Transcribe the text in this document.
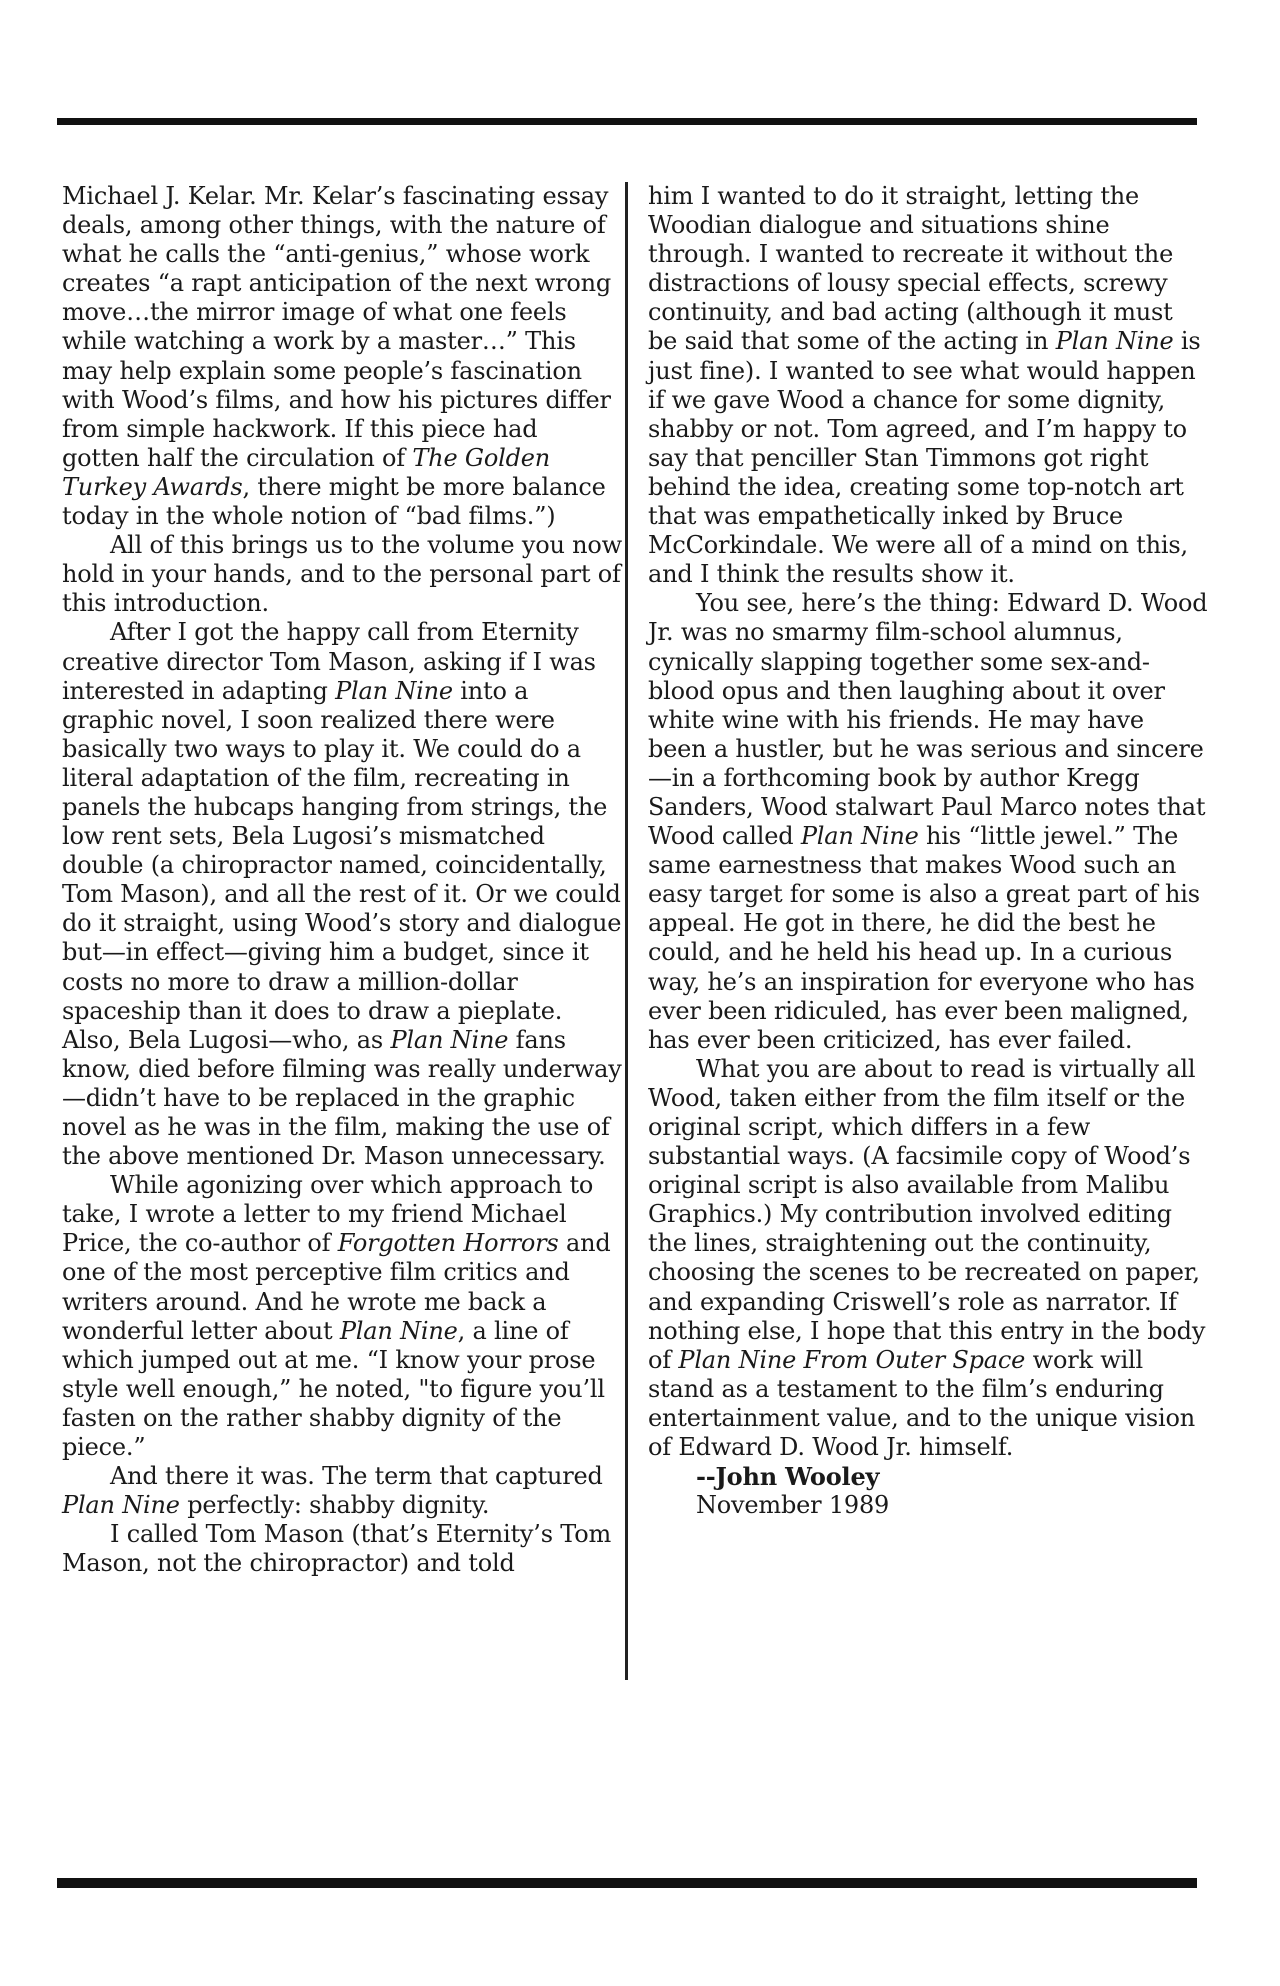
Michael J. Kelar. Mr. Kelar’s fascinating essay deals, among other things, with the nature of what he calls the “anti-genius,” whose work creates “a rapt anticipation of the next wrong move…the mirror image of what one feels while watching a work by a master…” This may help explain some people’s fascination with Wood’s films, and how his pictures differ from simple hackwork. If this piece had gotten half the circulation of The Golden Turkey Awards, there might be more balance today in the whole notion of “bad films.”)

All of this brings us to the volume you now hold in your hands, and to the personal part of this introduction.

After I got the happy call from Eternity creative director Tom Mason, asking if I was interested in adapting Plan Nine into a graphic novel, I soon realized there were basically two ways to play it. We could do a literal adaptation of the film, recreating in panels the hubcaps hanging from strings, the low rent sets, Bela Lugosi’s mismatched double (a chiropractor named, coincidentally, Tom Mason), and all the rest of it. Or we could do it straight, using Wood’s story and dialogue but—in effect—giving him a budget, since it costs no more to draw a million-dollar spaceship than it does to draw a pieplate. Also, Bela Lugosi—who, as Plan Nine fans know, died before filming was really underway—didn’t have to be replaced in the graphic novel as he was in the film, making the use of the above mentioned Dr. Mason unnecessary.

While agonizing over which approach to take, I wrote a letter to my friend Michael Price, the co-author of Forgotten Horrors and one of the most perceptive film critics and writers around. And he wrote me back a wonderful letter about Plan Nine, a line of which jumped out at me. “I know your prose style well enough,” he noted, "to figure you’ll fasten on the rather shabby dignity of the piece.”

And there it was. The term that captured Plan Nine perfectly: shabby dignity.

I called Tom Mason (that’s Eternity’s Tom Mason, not the chiropractor) and told

him I wanted to do it straight, letting the Woodian dialogue and situations shine through. I wanted to recreate it without the distractions of lousy special effects, screwy continuity, and bad acting (although it must be said that some of the acting in Plan Nine is just fine). I wanted to see what would happen if we gave Wood a chance for some dignity, shabby or not. Tom agreed, and I’m happy to say that penciller Stan Timmons got right behind the idea, creating some top-notch art that was empathetically inked by Bruce McCorkindale. We were all of a mind on this, and I think the results show it.

You see, here’s the thing: Edward D. Wood Jr. was no smarmy film-school alumnus, cynically slapping together some sex-and-blood opus and then laughing about it over white wine with his friends. He may have been a hustler, but he was serious and sincere—in a forthcoming book by author Kregg Sanders, Wood stalwart Paul Marco notes that Wood called Plan Nine his “little jewel.” The same earnestness that makes Wood such an easy target for some is also a great part of his appeal. He got in there, he did the best he could, and he held his head up. In a curious way, he’s an inspiration for everyone who has ever been ridiculed, has ever been maligned, has ever been criticized, has ever failed.

What you are about to read is virtually all Wood, taken either from the film itself or the original script, which differs in a few substantial ways. (A facsimile copy of Wood’s original script is also available from Malibu Graphics.) My contribution involved editing the lines, straightening out the continuity, choosing the scenes to be recreated on paper, and expanding Criswell’s role as narrator. If nothing else, I hope that this entry in the body of Plan Nine From Outer Space work will stand as a testament to the film’s enduring entertainment value, and to the unique vision of Edward D. Wood Jr. himself.

--John Wooley

November 1989
